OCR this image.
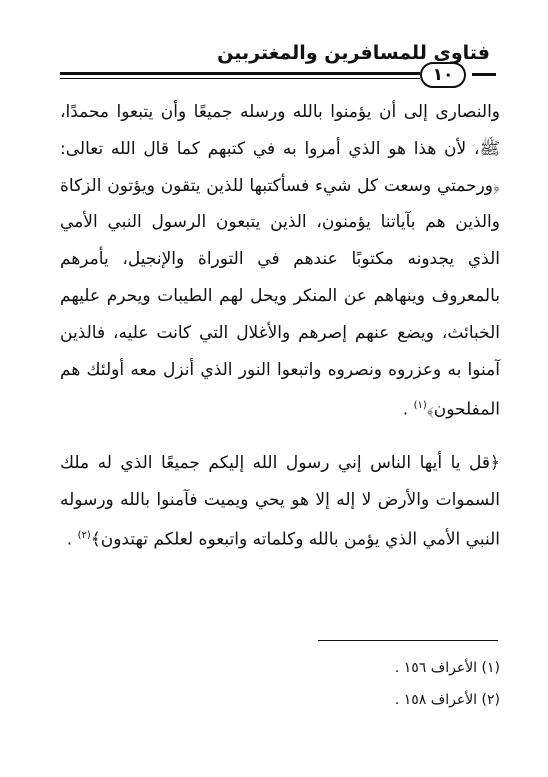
فتاوى للمسافرين والمغتربين
١٠

والنصارى إلى أن يؤمنوا بالله ورسله جميعًا وأن يتبعوا محمدًا، ﷺ، لأن هذا هو الذي أمروا به في كتبهم كما قال الله تعالى: ﴿ورحمتي وسعت كل شيء فسأكتبها للذين يتقون ويؤتون الزكاة والذين هم بآياتنا يؤمنون، الذين يتبعون الرسول النبي الأمي الذي يجدونه مكتوبًا عندهم في التوراة والإنجيل، يأمرهم بالمعروف وينهاهم عن المنكر ويحل لهم الطيبات ويحرم عليهم الخبائث، ويضع عنهم إصرهم والأغلال التي كانت عليه، فالذين آمنوا به وعزروه ونصروه واتبعوا النور الذي أنزل معه أولئك هم المفلحون﴾$^{(١)}$ .

﴿قل يا أيها الناس إني رسول الله إليكم جميعًا الذي له ملك السموات والأرض لا إله إلا هو يحي ويميت فآمنوا بالله ورسوله النبي الأمي الذي يؤمن بالله وكلماته واتبعوه لعلكم تهتدون﴾$^{(٢)}$ .

(١) الأعراف ١٥٦ .
(٢) الأعراف ١٥٨ .
